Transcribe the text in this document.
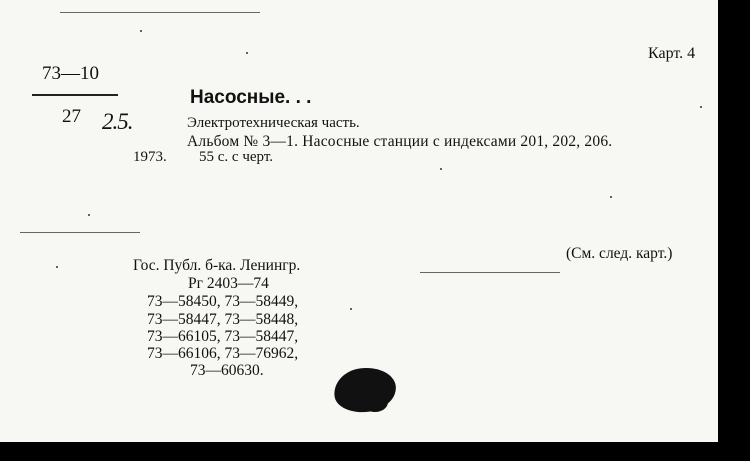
Карт. 4
73—10
27 2.5.
Насосные. . .
Электротехническая часть.
Альбом № 3—1. Насосные станции с индексами 201, 202, 206.
1973. 55 с. с черт.
(См. след. карт.)
Гос. Публ. б-ка. Ленингр.
Рг 2403—74
73—58450, 73—58449,
73—58447, 73—58448,
73—66105, 73—58447,
73—66106, 73—76962,
73—60630.
